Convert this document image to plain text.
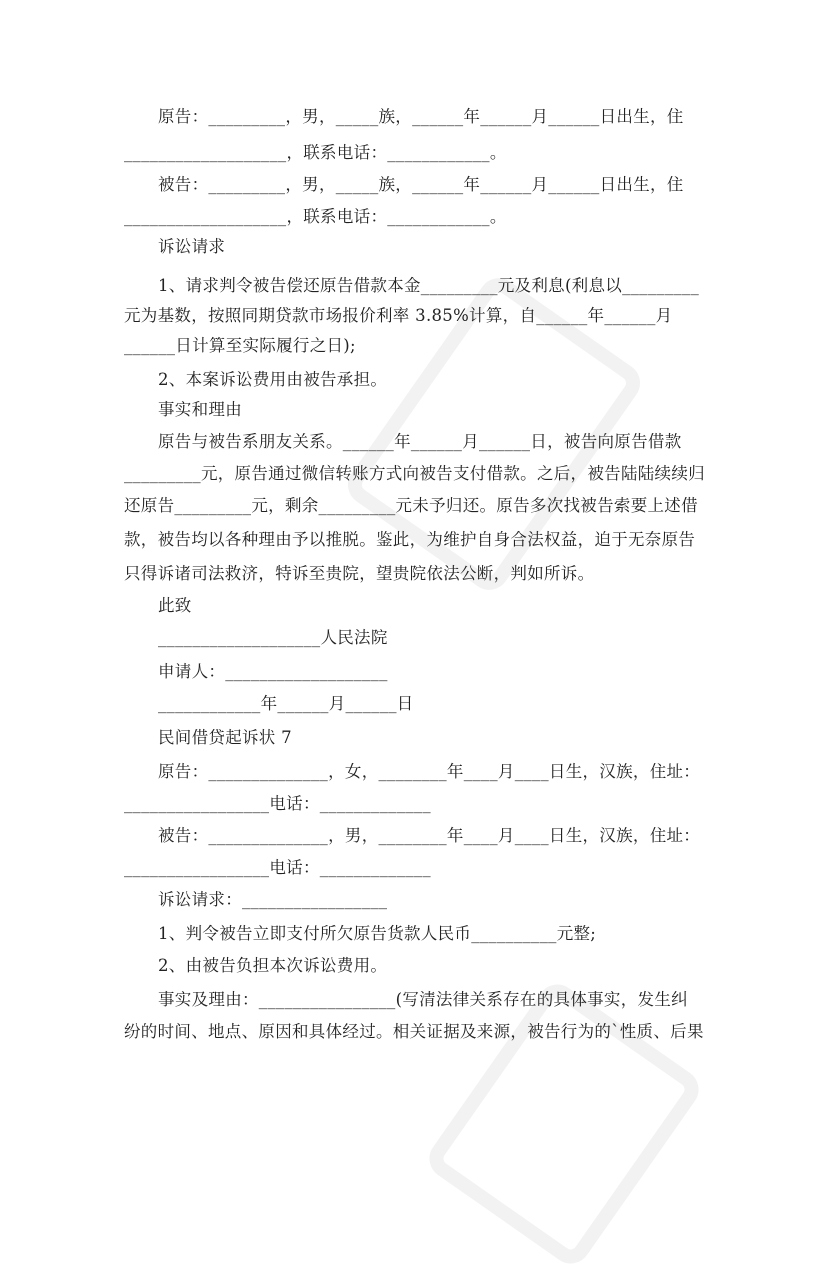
原告：_________，男，_____族，______年______月______日出生，住
___________________，联系电话：____________。
被告：_________，男，_____族，______年______月______日出生，住
___________________，联系电话：____________。
诉讼请求
1、请求判令被告偿还原告借款本金_________元及利息(利息以_________
元为基数，按照同期贷款市场报价利率 3.85%计算，自______年______月
______日计算至实际履行之日);
2、本案诉讼费用由被告承担。
事实和理由
原告与被告系朋友关系。______年______月______日，被告向原告借款
_________元，原告通过微信转账方式向被告支付借款。之后，被告陆陆续续归
还原告_________元，剩余_________元未予归还。原告多次找被告索要上述借
款，被告均以各种理由予以推脱。鉴此，为维护自身合法权益，迫于无奈原告
只得诉诸司法救济，特诉至贵院，望贵院依法公断，判如所诉。
此致
___________________人民法院
申请人：___________________
____________年______月______日
民间借贷起诉状 7
原告：______________，女，________年____月____日生，汉族，住址：
_________________电话：_____________
被告：______________，男，________年____月____日生，汉族，住址：
_________________电话：_____________
诉讼请求：_________________
1、判令被告立即支付所欠原告货款人民币__________元整;
2、由被告负担本次诉讼费用。
事实及理由：________________(写清法律关系存在的具体事实，发生纠
纷的时间、地点、原因和具体经过。相关证据及来源，被告行为的`性质、后果
